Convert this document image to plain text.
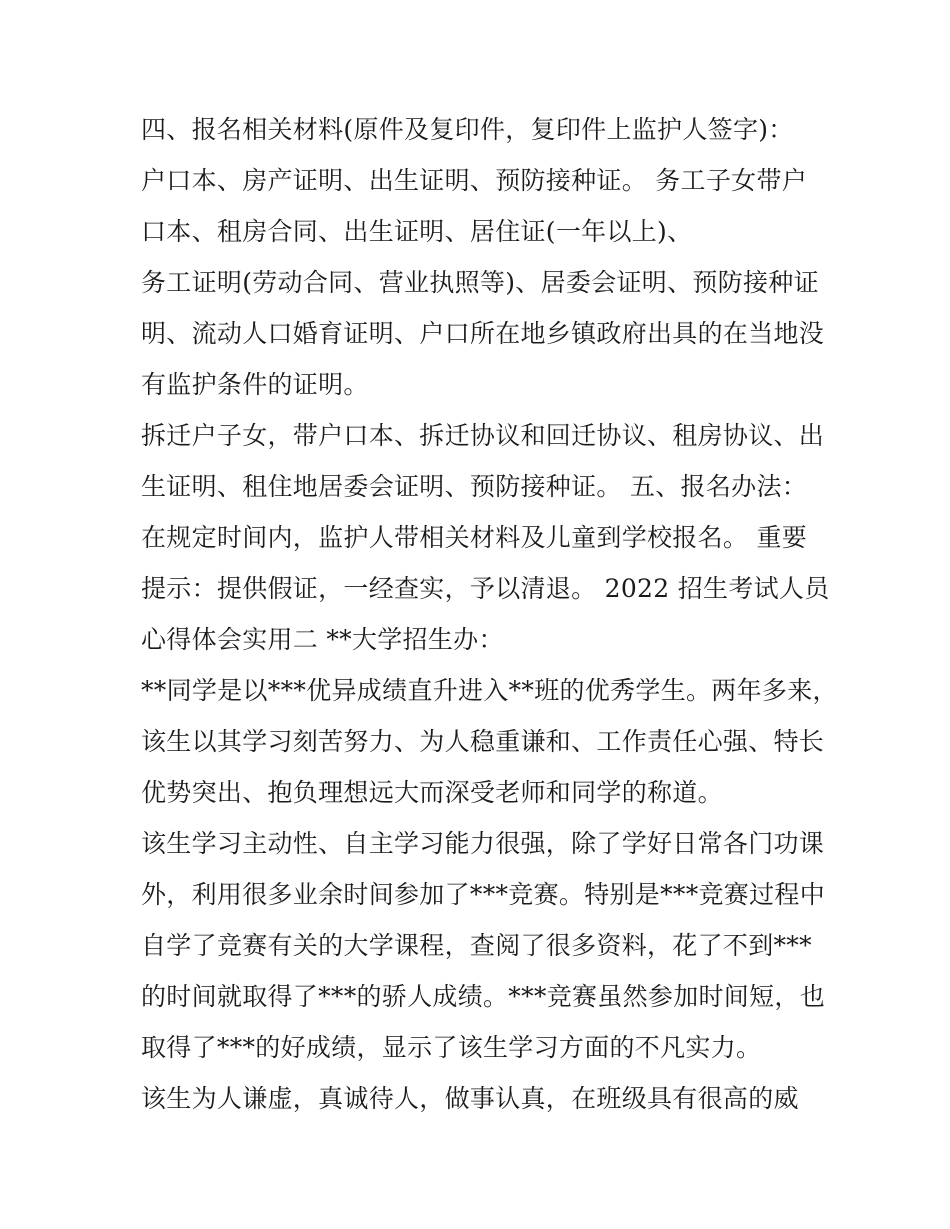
四、报名相关材料(原件及复印件，复印件上监护人签字)：
户口本、房产证明、出生证明、预防接种证。 务工子女带户
口本、租房合同、出生证明、居住证(一年以上)、
务工证明(劳动合同、营业执照等)、居委会证明、预防接种证
明、流动人口婚育证明、户口所在地乡镇政府出具的在当地没
有监护条件的证明。
拆迁户子女，带户口本、拆迁协议和回迁协议、租房协议、出
生证明、租住地居委会证明、预防接种证。 五、报名办法：
在规定时间内，监护人带相关材料及儿童到学校报名。 重要
提示：提供假证，一经查实，予以清退。 2022 招生考试人员
心得体会实用二 **大学招生办：
**同学是以***优异成绩直升进入**班的优秀学生。两年多来，
该生以其学习刻苦努力、为人稳重谦和、工作责任心强、特长
优势突出、抱负理想远大而深受老师和同学的称道。
该生学习主动性、自主学习能力很强，除了学好日常各门功课
外，利用很多业余时间参加了***竞赛。特别是***竞赛过程中
自学了竞赛有关的大学课程，查阅了很多资料，花了不到***
的时间就取得了***的骄人成绩。***竞赛虽然参加时间短，也
取得了***的好成绩，显示了该生学习方面的不凡实力。
该生为人谦虚，真诚待人，做事认真，在班级具有很高的威
